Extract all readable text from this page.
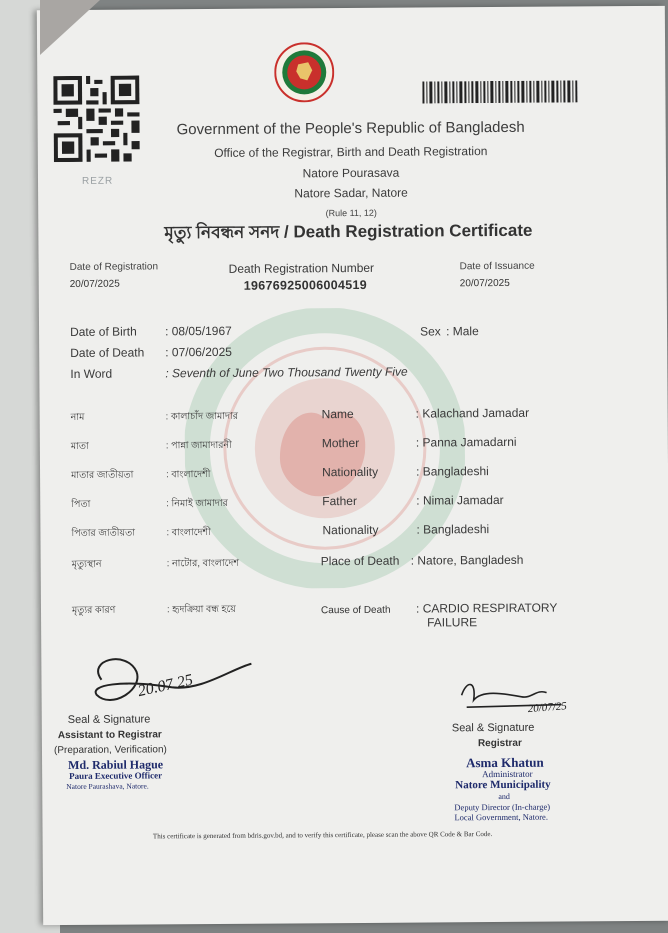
REZR
Government of the People's Republic of Bangladesh
Office of the Registrar, Birth and Death Registration
Natore Pourasava
Natore Sadar, Natore
(Rule 11, 12)
মৃত্যু নিবন্ধন সনদ / Death Registration Certificate
Date of Registration
20/07/2025
Death Registration Number
19676925006004519
Date of Issuance
20/07/2025
Date of Birth : 08/05/1967
Date of Death : 07/06/2025
In Word	: Seventh of June Two Thousand Twenty Five
Sex : Male
নাম	: কালাচাঁদ জামাদার	Name	: Kalachand Jamadar
মাতা	: পান্না জামাদারনী	Mother	: Panna Jamadarni
মাতার জাতীয়তা	: বাংলাদেশী	Nationality	: Bangladeshi
পিতা	: নিমাই জামাদার	Father	: Nimai Jamadar
পিতার জাতীয়তা	: বাংলাদেশী	Nationality	: Bangladeshi
মৃত্যুস্থান	: নাটোর, বাংলাদেশ	Place of Death : Natore, Bangladesh
মৃত্যুর কারণ	: হৃদক্রিয়া বন্ধ হয়ে	Cause of Death : CARDIO RESPIRATORY
FAILURE
20.07.25
Seal & Signature
Assistant to Registrar
(Preparation, Verification)
Md. Rabiul Hague
Paura Executive Officer
Natore Paurashava, Natore.
20/07/25
Seal & Signature
Registrar
Asma Khatun
Administrator
Natore Municipality
and
Deputy Director (In-charge)
Local Government, Natore.
This certificate is generated from bdris.gov.bd, and to verify this certificate, please scan the above QR Code & Bar Code.
